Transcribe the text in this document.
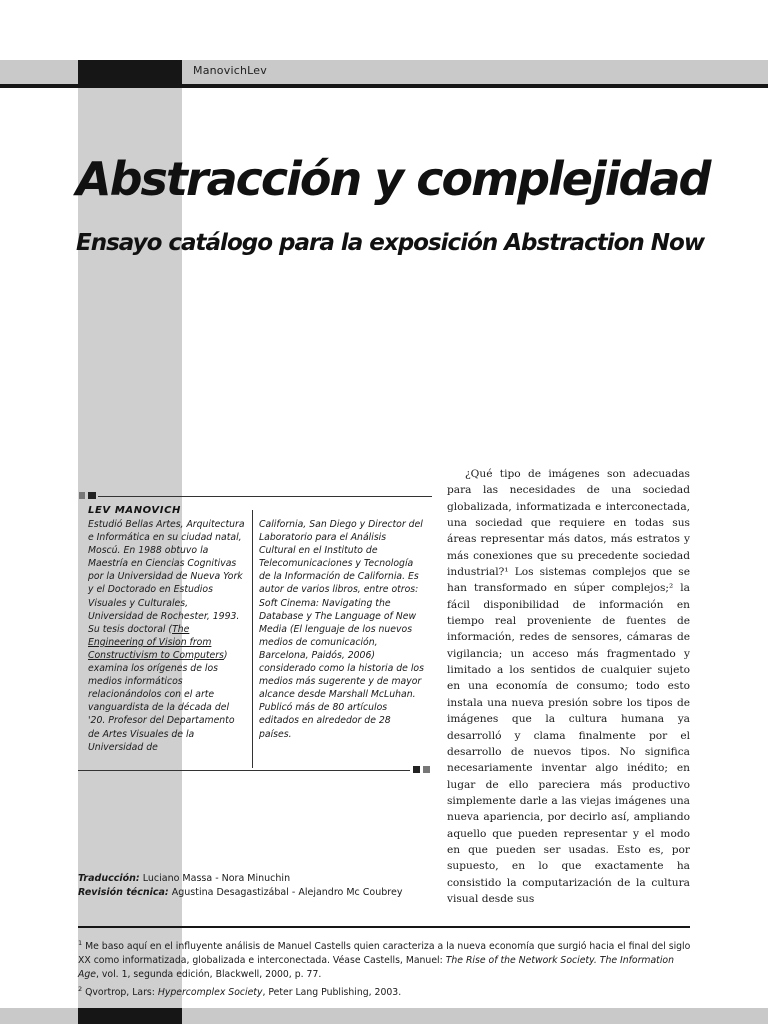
ManovichLev
Abstracción y complejidad
Ensayo catálogo para la exposición Abstraction Now
LEV MANOVICH

Estudió Bellas Artes, Arquitectura e Informática en su ciudad natal, Moscú. En 1988 obtuvo la Maestría en Ciencias Cognitivas por la Universidad de Nueva York y el Doctorado en Estudios Visuales y Culturales, Universidad de Rochester, 1993. Su tesis doctoral (The Engineering of Vision from Constructivism to Computers) examina los orígenes de los medios informáticos relacionándolos con el arte vanguardista de la década del '20. Profesor del Departamento de Artes Visuales de la Universidad de

California, San Diego y Director del Laboratorio para el Análisis Cultural en el Instituto de Telecomunicaciones y Tecnología de la Información de California. Es autor de varios libros, entre otros: Soft Cinema: Navigating the Database y The Language of New Media (El lenguaje de los nuevos medios de comunicación, Barcelona, Paidós, 2006) considerado como la historia de los medios más sugerente y de mayor alcance desde Marshall McLuhan. Publicó más de 80 artículos editados en alrededor de 28 países.

¿Qué tipo de imágenes son adecuadas para las necesidades de una sociedad globalizada, informatizada e interconectada, una sociedad que requiere en todas sus áreas representar más datos, más estratos y más conexiones que su precedente sociedad industrial?¹ Los sistemas complejos que se han transformado en súper complejos;² la fácil disponibilidad de información en tiempo real proveniente de fuentes de información, redes de sensores, cámaras de vigilancia; un acceso más fragmentado y limitado a los sentidos de cualquier sujeto en una economía de consumo; todo esto instala una nueva presión sobre los tipos de imágenes que la cultura humana ya desarrolló y clama finalmente por el desarrollo de nuevos tipos. No significa necesariamente inventar algo inédito; en lugar de ello pareciera más productivo simplemente darle a las viejas imágenes una nueva apariencia, por decirlo así, ampliando aquello que pueden representar y el modo en que pueden ser usadas. Esto es, por supuesto, en lo que exactamente ha consistido la computarización de la cultura visual desde sus

Traducción: Luciano Massa - Nora Minuchin
Revisión técnica: Agustina Desagastizábal - Alejandro Mc Coubrey

$^1$ Me baso aquí en el influyente análisis de Manuel Castells quien caracteriza a la nueva economía que surgió hacia el final del siglo XX como informatizada, globalizada e interconectada. Véase Castells, Manuel: The Rise of the Network Society. The Information Age, vol. 1, segunda edición, Blackwell, 2000, p. 77.

$^2$ Qvortrop, Lars: Hypercomplex Society, Peter Lang Publishing, 2003.
